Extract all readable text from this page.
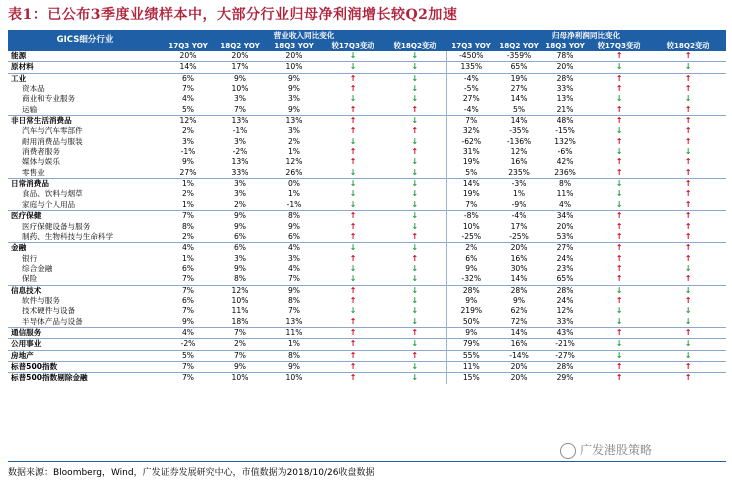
表1：已公布3季度业绩样本中，大部分行业归母净利润增长较Q2加速
GICS细分行业	营业收入同比变化					归母净利润同比变化				
	17Q3 YOY	18Q2 YOY	18Q3 YOY	较17Q3变动	较18Q2变动	17Q3 YOY	18Q2 YOY	18Q3 YOY	较17Q3变动	较18Q2变动
能源	20%	20%	20%	↓	↓	-450%	-359%	78%	↑	↑
原材料	14%	17%	10%	↓	↓	135%	65%	20%	↓	↓
工业	6%	9%	9%	↑	↓	-4%	19%	28%	↑	↑
资本品	7%	10%	9%	↑	↓	-5%	27%	33%	↑	↑
商业和专业服务	4%	3%	3%	↓	↓	27%	14%	13%	↓	↓
运输	5%	7%	9%	↑	↑	-4%	5%	21%	↑	↑
非日常生活消费品	12%	13%	13%	↑	↓	7%	14%	48%	↑	↑
汽车与汽车零部件	2%	-1%	3%	↑	↑	32%	-35%	-15%	↓	↑
耐用消费品与服装	3%	3%	2%	↓	↓	-62%	-136%	132%	↑	↑
消费者服务	-1%	-2%	1%	↑	↑	31%	12%	-6%	↓	↓
媒体与娱乐	9%	13%	12%	↑	↓	19%	16%	42%	↑	↑
零售业	27%	33%	26%	↓	↓	5%	235%	236%	↑	↑
日常消费品	1%	3%	0%	↓	↓	14%	-3%	8%	↓	↑
食品、饮料与烟草	2%	3%	1%	↓	↓	19%	1%	11%	↓	↑
家庭与个人用品	1%	2%	-1%	↓	↓	7%	-9%	4%	↓	↑
医疗保健	7%	9%	8%	↑	↓	-8%	-4%	34%	↑	↑
医疗保健设备与服务	8%	9%	9%	↑	↓	10%	17%	20%	↑	↑
制药、生物科技与生命科学	2%	6%	6%	↑	↑	-25%	-25%	53%	↑	↑
金融	4%	6%	4%	↓	↓	2%	20%	27%	↑	↑
银行	1%	3%	3%	↑	↑	6%	16%	24%	↑	↑
综合金融	6%	9%	4%	↓	↓	9%	30%	23%	↑	↓
保险	7%	8%	7%	↓	↓	-32%	14%	65%	↑	↑
信息技术	7%	12%	9%	↑	↓	28%	28%	28%	↓	↓
软件与服务	6%	10%	8%	↑	↓	9%	9%	24%	↑	↑
技术硬件与设备	7%	11%	7%	↓	↓	219%	62%	12%	↓	↓
半导体产品与设备	9%	18%	13%	↑	↓	50%	72%	33%	↓	↓
通信服务	4%	7%	11%	↑	↑	9%	14%	43%	↑	↑
公用事业	-2%	2%	1%	↑	↓	79%	16%	-21%	↓	↓
房地产	5%	7%	8%	↑	↑	55%	-14%	-27%	↓	↓
标普500指数	7%	9%	9%	↑	↓	11%	20%	28%	↑	↑
标普500指数剔除金融	7%	10%	10%	↑	↓	15%	20%	29%	↑	↑
数据来源：Bloomberg，Wind，广发证券发展研究中心，市值数据为2018/10/26收盘数据
广发港股策略
